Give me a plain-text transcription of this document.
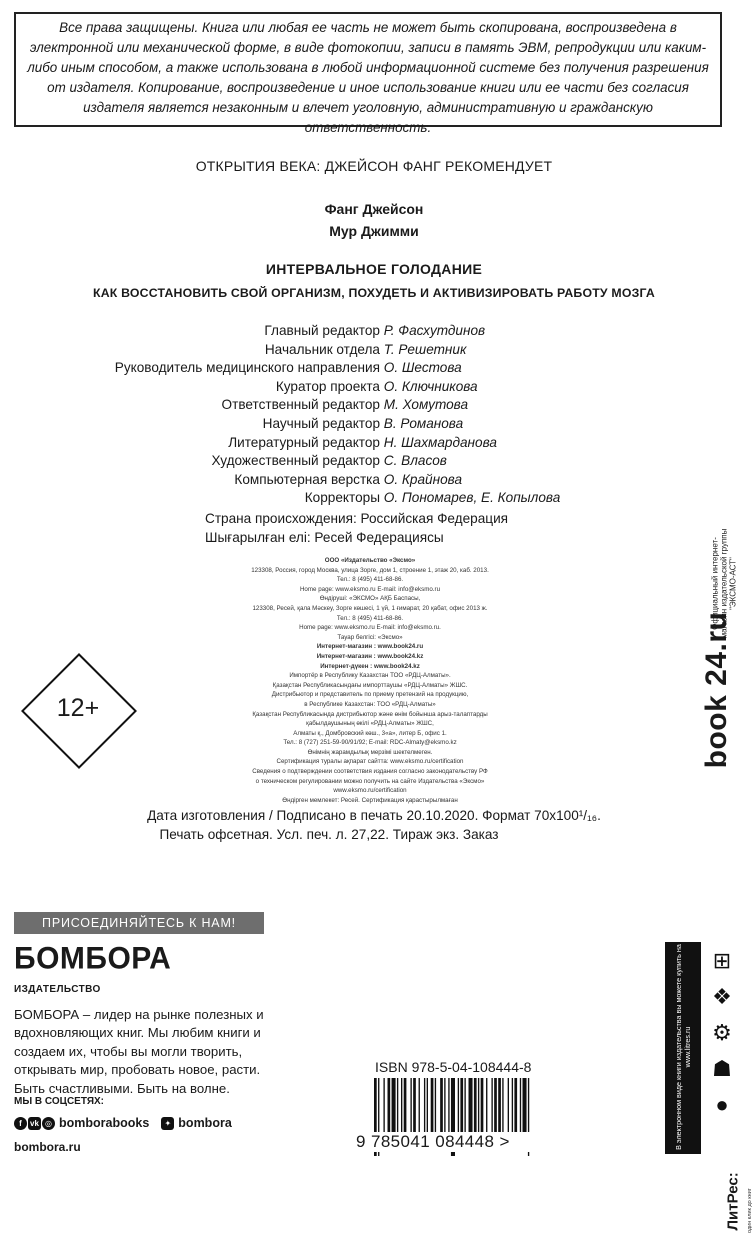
Все права защищены. Книга или любая ее часть не может быть скопирована, воспроизведена в электронной или механической форме, в виде фотокопии, записи в память ЭВМ, репродукции или каким-либо иным способом, а также использована в любой информационной системе без получения разрешения от издателя. Копирование, воспроизведение и иное использование книги или ее части без согласия издателя является незаконным и влечет уголовную, административную и гражданскую ответственность.
ОТКРЫТИЯ ВЕКА: ДЖЕЙСОН ФАНГ РЕКОМЕНДУЕТ
Фанг Джейсон
Мур Джимми
ИНТЕРВАЛЬНОЕ ГОЛОДАНИЕ
КАК ВОССТАНОВИТЬ СВОЙ ОРГАНИЗМ, ПОХУДЕТЬ И АКТИВИЗИРОВАТЬ РАБОТУ МОЗГА
Главный редактор Р. Фасхутдинов
Начальник отдела Т. Решетник
Руководитель медицинского направления О. Шестова
Куратор проекта О. Ключникова
Ответственный редактор М. Хомутова
Научный редактор В. Романова
Литературный редактор Н. Шахмарданова
Художественный редактор С. Власов
Компьютерная верстка О. Крайнова
Корректоры О. Пономарев, Е. Копылова
Страна происхождения: Российская Федерация
Шығарылған елі: Ресей Федерациясы
ООО «Издательство «Эксмо»
123308, Россия, город Москва, улица Зорге, дом 1, строение 1, этаж 20, каб. 2013.
Тел.: 8 (495) 411-68-86.
Home page: www.eksmo.ru E-mail: info@eksmo.ru
Өндіруші: «ЭКСМО» АҚБ Баспасы,
123308, Ресей, қала Мәскеу, Зорге көшесі, 1 үй, 1 ғимарат, 20 қабат, офис 2013 ж.
Тел.: 8 (495) 411-68-86.
Home page: www.eksmo.ru E-mail: info@eksmo.ru.
Тауар белгісі: «Эксмо»
Интернет-магазин : www.book24.ru
Интернет-магазин : www.book24.kz
Интернет-дүкен : www.book24.kz
Импортёр в Республику Казахстан ТОО «РДЦ-Алматы».
Қазақстан Республикасындағы импорттаушы «РДЦ-Алматы» ЖШС.
Дистрибьютор и представитель по приему претензий на продукцию,
в Республике Казахстан: ТОО «РДЦ-Алматы»
Қазақстан Республикасында дистрибьютор және өнім бойынша арыз-талаптарды
қабылдаушының өкілі «РДЦ-Алматы» ЖШС,
Алматы қ., Домбровский көш., 3«а», литер Б, офис 1.
Тел.: 8 (727) 251-59-90/91/92; E-mail: RDC-Almaty@eksmo.kz
Өнімнің жарамдылық мерзімі шектелмеген.
Сертификация туралы ақпарат сайтта: www.eksmo.ru/certification
Сведения о подтверждении соответствия издания согласно законодательству РФ
о техническом регулировании можно получить на сайте Издательства «Эксмо»
www.eksmo.ru/certification
Өндірген мемлекет: Ресей. Сертификация қарастырылмаған
12+
Официальный интернет-магазин издательской группы "ЭКСМО-АСТ"
book 24.ru
Дата изготовления / Подписано в печать 20.10.2020. Формат 70x100¹/₁₆.
Печать офсетная. Усл. печ. л. 27,22. Тираж экз. Заказ
ПРИСОЕДИНЯЙТЕСЬ К НАМ!
БОМБОРА
ИЗДАТЕЛЬСТВО
БОМБОРА – лидер на рынке полезных и вдохновляющих книг. Мы любим книги и создаем их, чтобы вы могли творить, открывать мир, пробовать новое, расти. Быть счастливыми. Быть на волне.
МЫ В СОЦСЕТЯХ:
f	vk ◎ bomborabooks	✦ bombora
bombora.ru
ISBN 978-5-04-108444-8
9 785041 084448 >	В электронном виде книги издательства вы можете купить на www.litres.ru
⊞
❖
⚙
☗
●
ЛитРес: один клик до книг
